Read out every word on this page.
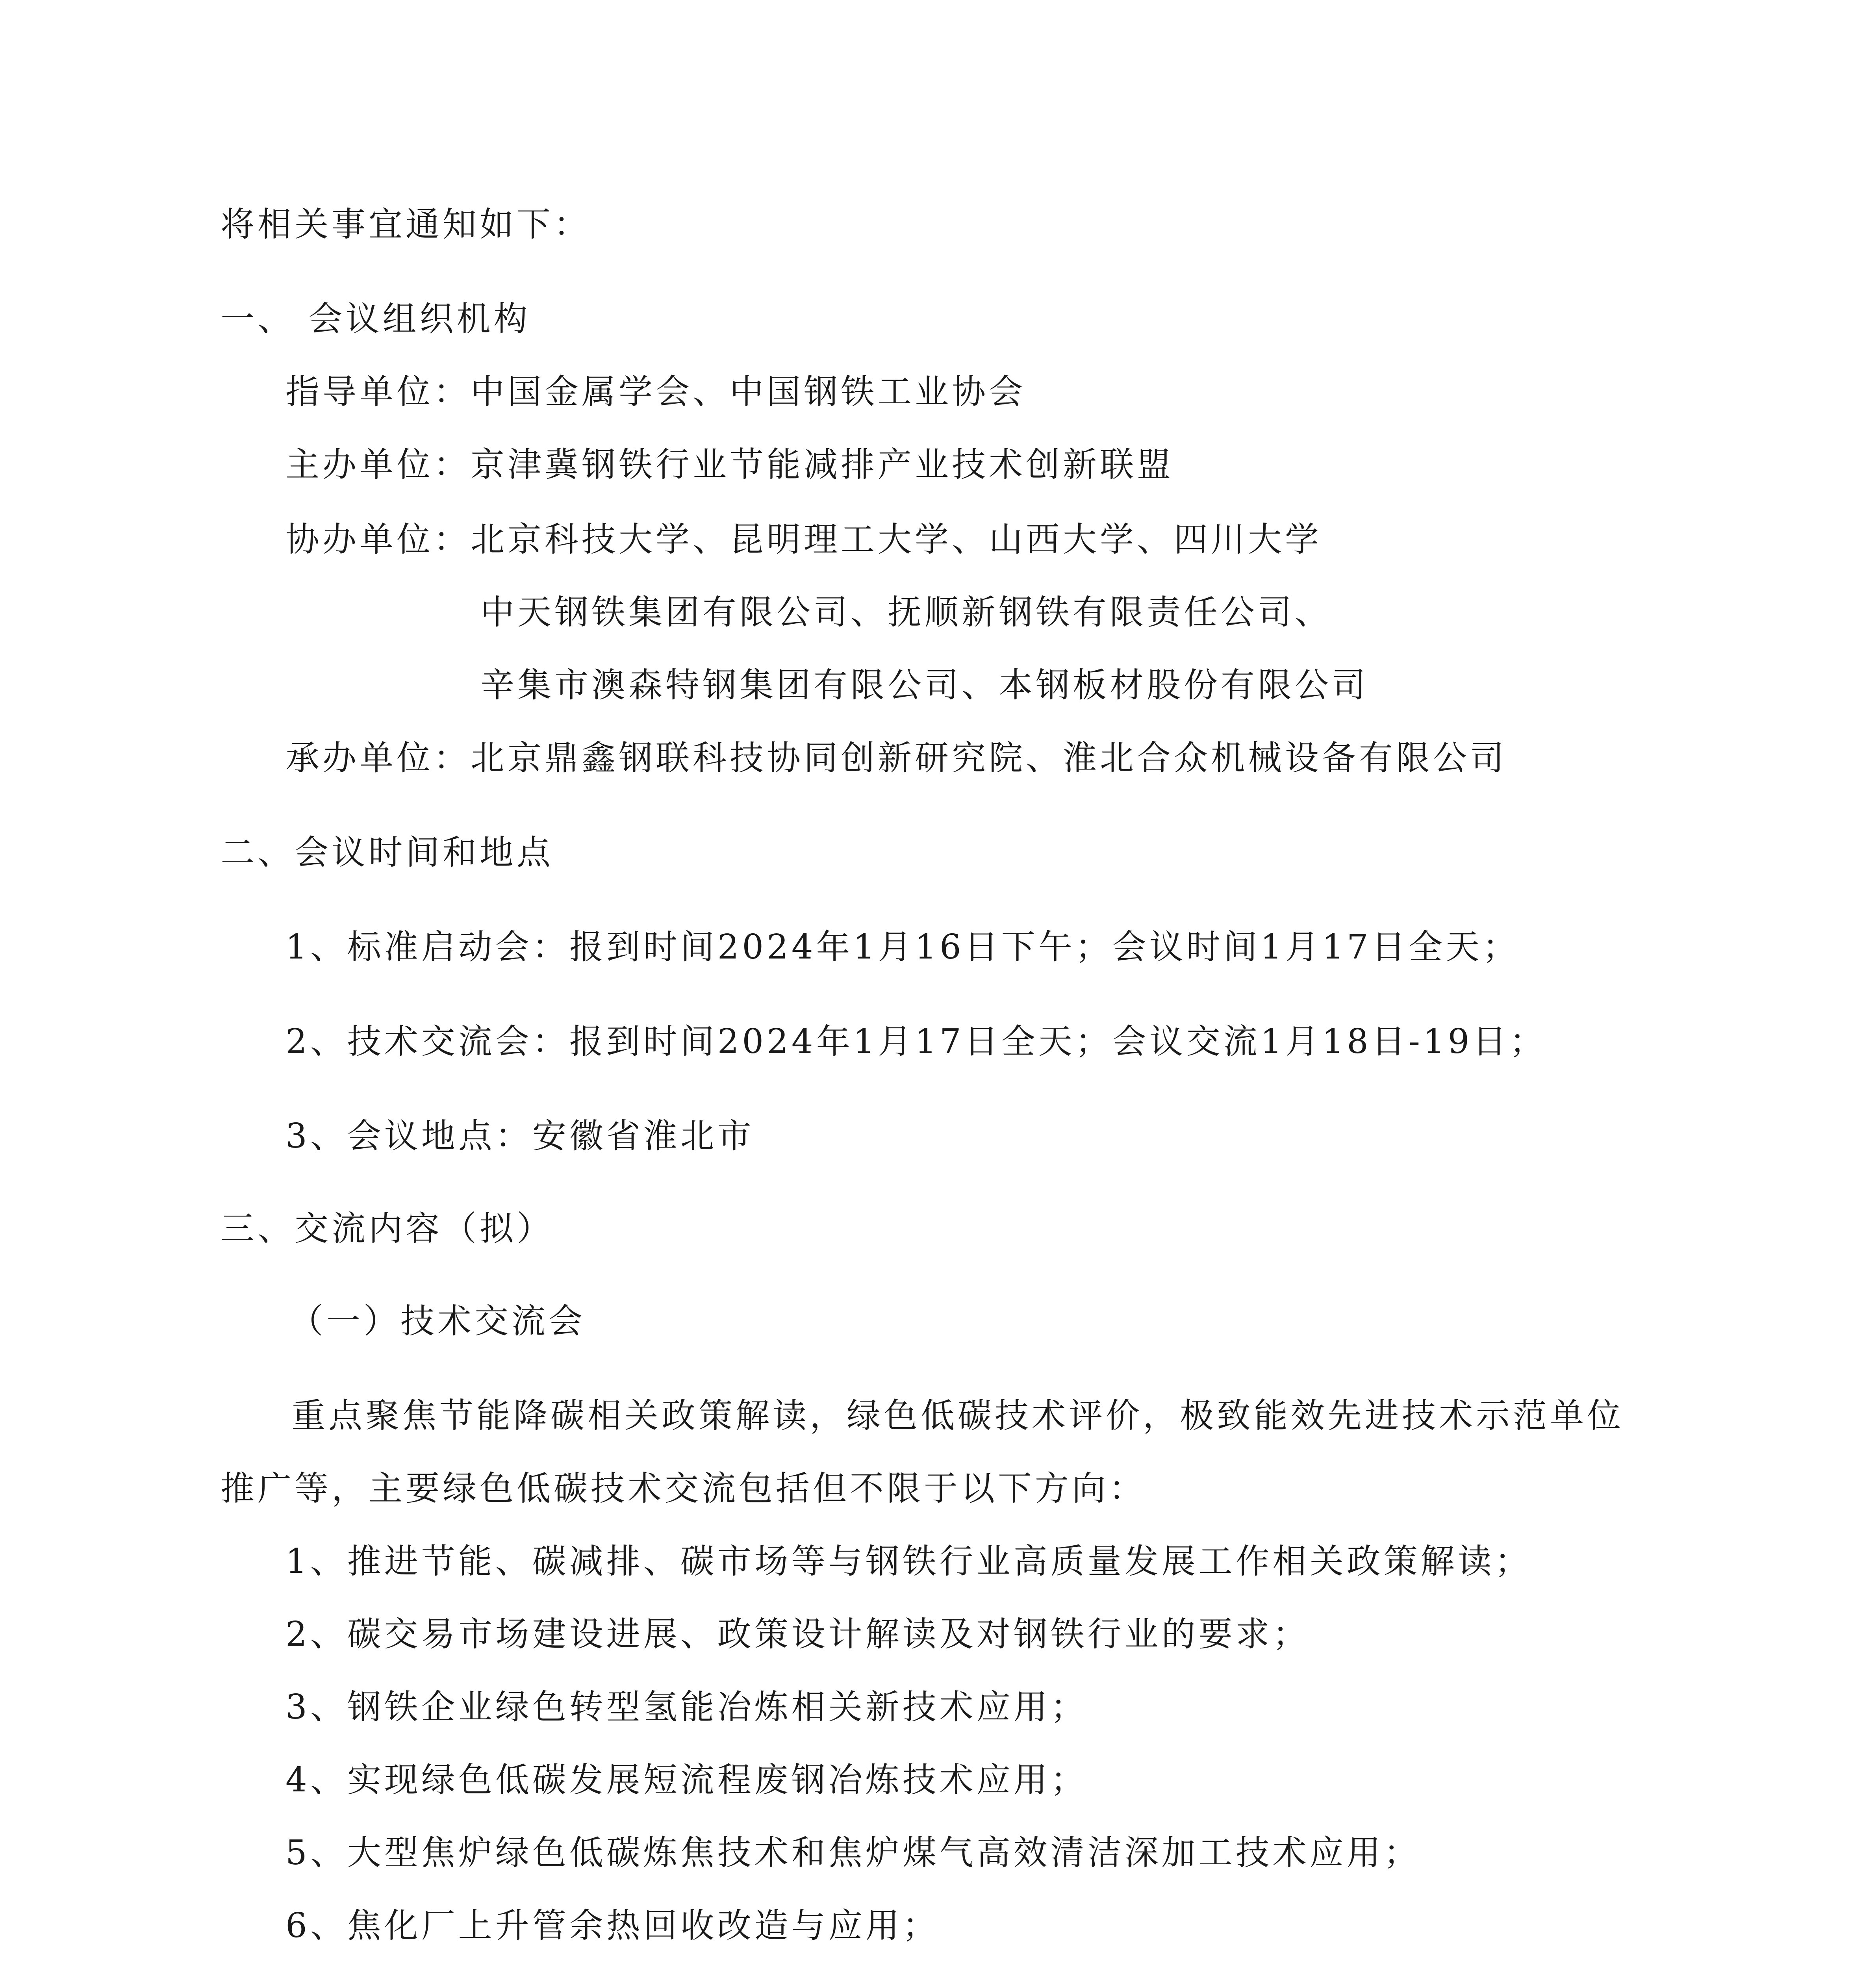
将相关事宜通知如下：
一、 会议组织机构
指导单位：中国金属学会、中国钢铁工业协会
主办单位：京津冀钢铁行业节能减排产业技术创新联盟
协办单位：北京科技大学、昆明理工大学、山西大学、四川大学
中天钢铁集团有限公司、抚顺新钢铁有限责任公司、
辛集市澳森特钢集团有限公司、本钢板材股份有限公司
承办单位：北京鼎鑫钢联科技协同创新研究院、淮北合众机械设备有限公司
二、会议时间和地点
1、标准启动会：报到时间2024年1月16日下午；会议时间1月17日全天；
2、技术交流会：报到时间2024年1月17日全天；会议交流1月18日-19日；
3、会议地点：安徽省淮北市
三、交流内容（拟）
（一）技术交流会
重点聚焦节能降碳相关政策解读，绿色低碳技术评价，极致能效先进技术示范单位
推广等，主要绿色低碳技术交流包括但不限于以下方向：
1、推进节能、碳减排、碳市场等与钢铁行业高质量发展工作相关政策解读；
2、碳交易市场建设进展、政策设计解读及对钢铁行业的要求；
3、钢铁企业绿色转型氢能冶炼相关新技术应用；
4、实现绿色低碳发展短流程废钢冶炼技术应用；
5、大型焦炉绿色低碳炼焦技术和焦炉煤气高效清洁深加工技术应用；
6、焦化厂上升管余热回收改造与应用；
